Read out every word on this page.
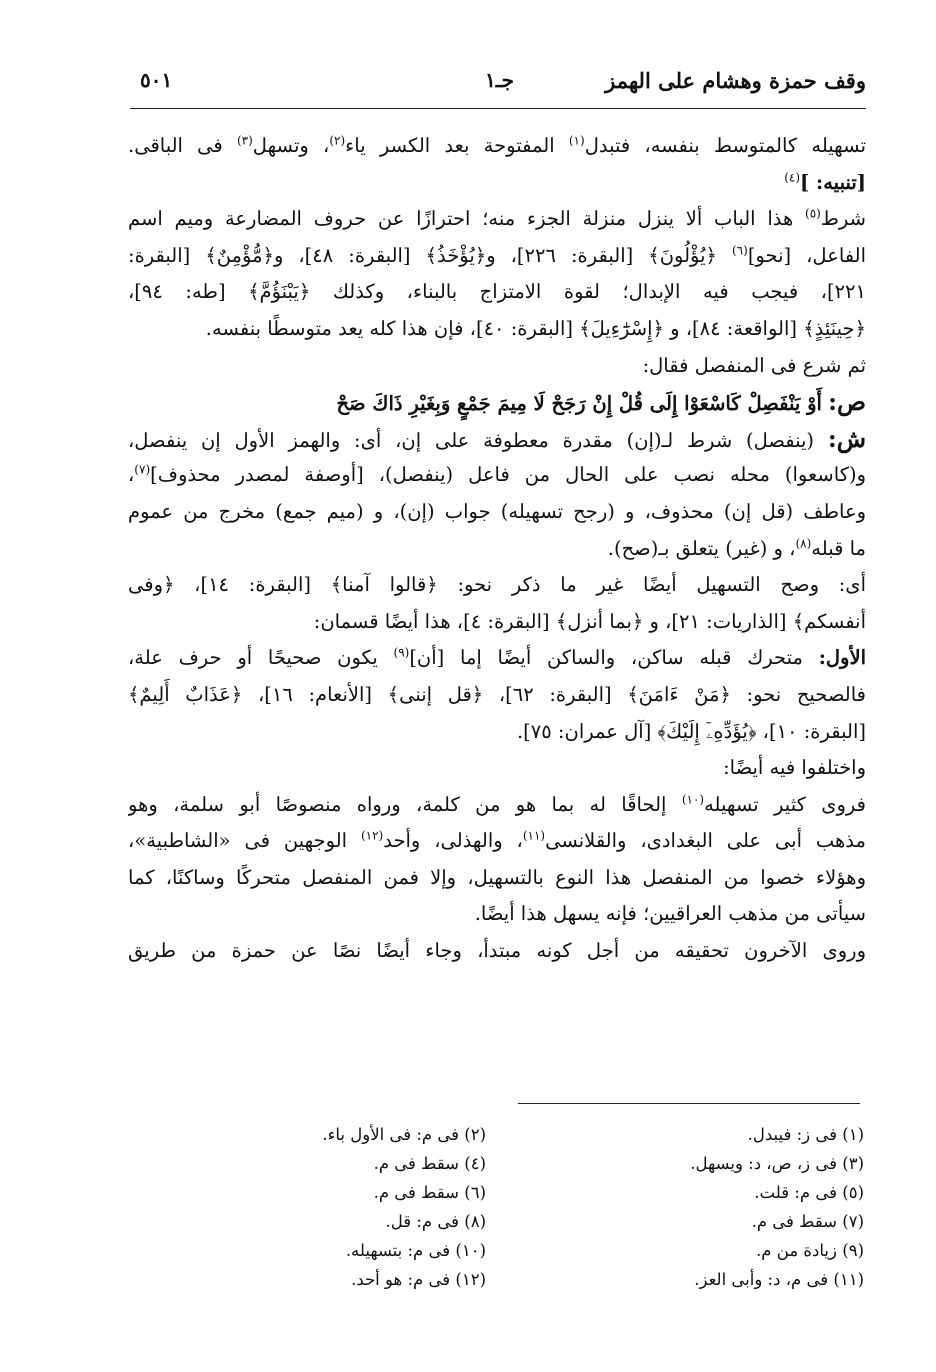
وقف حمزة وهشام على الهمز
جـ١
٥٠١
تسهيله كالمتوسط بنفسه، فتبدل$^{(١)}$ المفتوحة بعد الكسر ياء$^{(٢)}$، وتسهل$^{(٣)}$ فى الباقى.
[تنبيه: ]$^{(٤)}$
شرط$^{(٥)}$ هذا الباب ألا ينزل منزلة الجزء منه؛ احترازًا عن حروف المضارعة وميم اسم
الفاعل، [نحو]$^{(٦)}$ ﴿يُؤْلُونَ﴾ [البقرة: ٢٢٦]، و﴿يُؤْخَذُ﴾ [البقرة: ٤٨]، و﴿مُّؤْمِنٌ﴾ [البقرة:
٢٢١]، فيجب فيه الإبدال؛ لقوة الامتزاج بالبناء، وكذلك ﴿يَبْنَؤُمَّ﴾ [طه: ٩٤]،
﴿حِينَئِذٍ﴾ [الواقعة: ٨٤]، و ﴿إِسْرَٰٓءِيلَ﴾ [البقرة: ٤٠]، فإن هذا كله يعد متوسطًا بنفسه.
ثم شرع فى المنفصل فقال:
ص: أَوْ يَنْفَصِلْ كَاسْعَوْا إِلَى قُلْ إِنْ رَجَحْ لَا مِيمَ جَمْعٍ وَبِغَيْرِ ذَاكَ صَحْ
ش: (ينفصل) شرط لـ(إن) مقدرة معطوفة على إن، أى: والهمز الأول إن ينفصل،
و(كاسعوا) محله نصب على الحال من فاعل (ينفصل)، [أوصفة لمصدر محذوف]$^{(٧)}$،
وعاطف (قل إن) محذوف، و (رجح تسهيله) جواب (إن)، و (ميم جمع) مخرج من عموم
ما قبله$^{(٨)}$، و (غير) يتعلق بـ(صح).
أى: وصح التسهيل أيضًا غير ما ذكر نحو: ﴿قالوا آمنا﴾ [البقرة: ١٤]، ﴿وفى
أنفسكم﴾ [الذاريات: ٢١]، و ﴿بما أنزل﴾ [البقرة: ٤]، هذا أيضًا قسمان:
الأول: متحرك قبله ساكن، والساكن أيضًا إما [أن]$^{(٩)}$ يكون صحيحًا أو حرف علة،
فالصحيح نحو: ﴿مَنْ ءَامَنَ﴾ [البقرة: ٦٢]، ﴿قل إننى﴾ [الأنعام: ١٦]، ﴿عَذَابٌ أَلِيمٌ﴾
[البقرة: ١٠]، ﴿يُؤَدِّهِۦٓ إِلَيْكَ﴾ [آل عمران: ٧٥].
واختلفوا فيه أيضًا:
فروى كثير تسهيله$^{(١٠)}$ إلحاقًا له بما هو من كلمة، ورواه منصوصًا أبو سلمة، وهو
مذهب أبى على البغدادى، والقلانسى$^{(١١)}$، والهذلى، وأحد$^{(١٢)}$ الوجهين فى «الشاطبية»،
وهؤلاء خصوا من المنفصل هذا النوع بالتسهيل، وإلا فمن المنفصل متحركًا وساكنًا، كما
سيأتى من مذهب العراقيين؛ فإنه يسهل هذا أيضًا.
وروى الآخرون تحقيقه من أجل كونه مبتدأ، وجاء أيضًا نصًا عن حمزة من طريق
(١) فى ز: فيبدل.
(٣) فى ز، ص، د: ويسهل.
(٥) فى م: قلت.
(٧) سقط فى م.
(٩) زيادة من م.
(١١) فى م، د: وأبى العز.
(٢) فى م: فى الأول باء.
(٤) سقط فى م.
(٦) سقط فى م.
(٨) فى م: قل.
(١٠) فى م: بتسهيله.
(١٢) فى م: هو أحد.
